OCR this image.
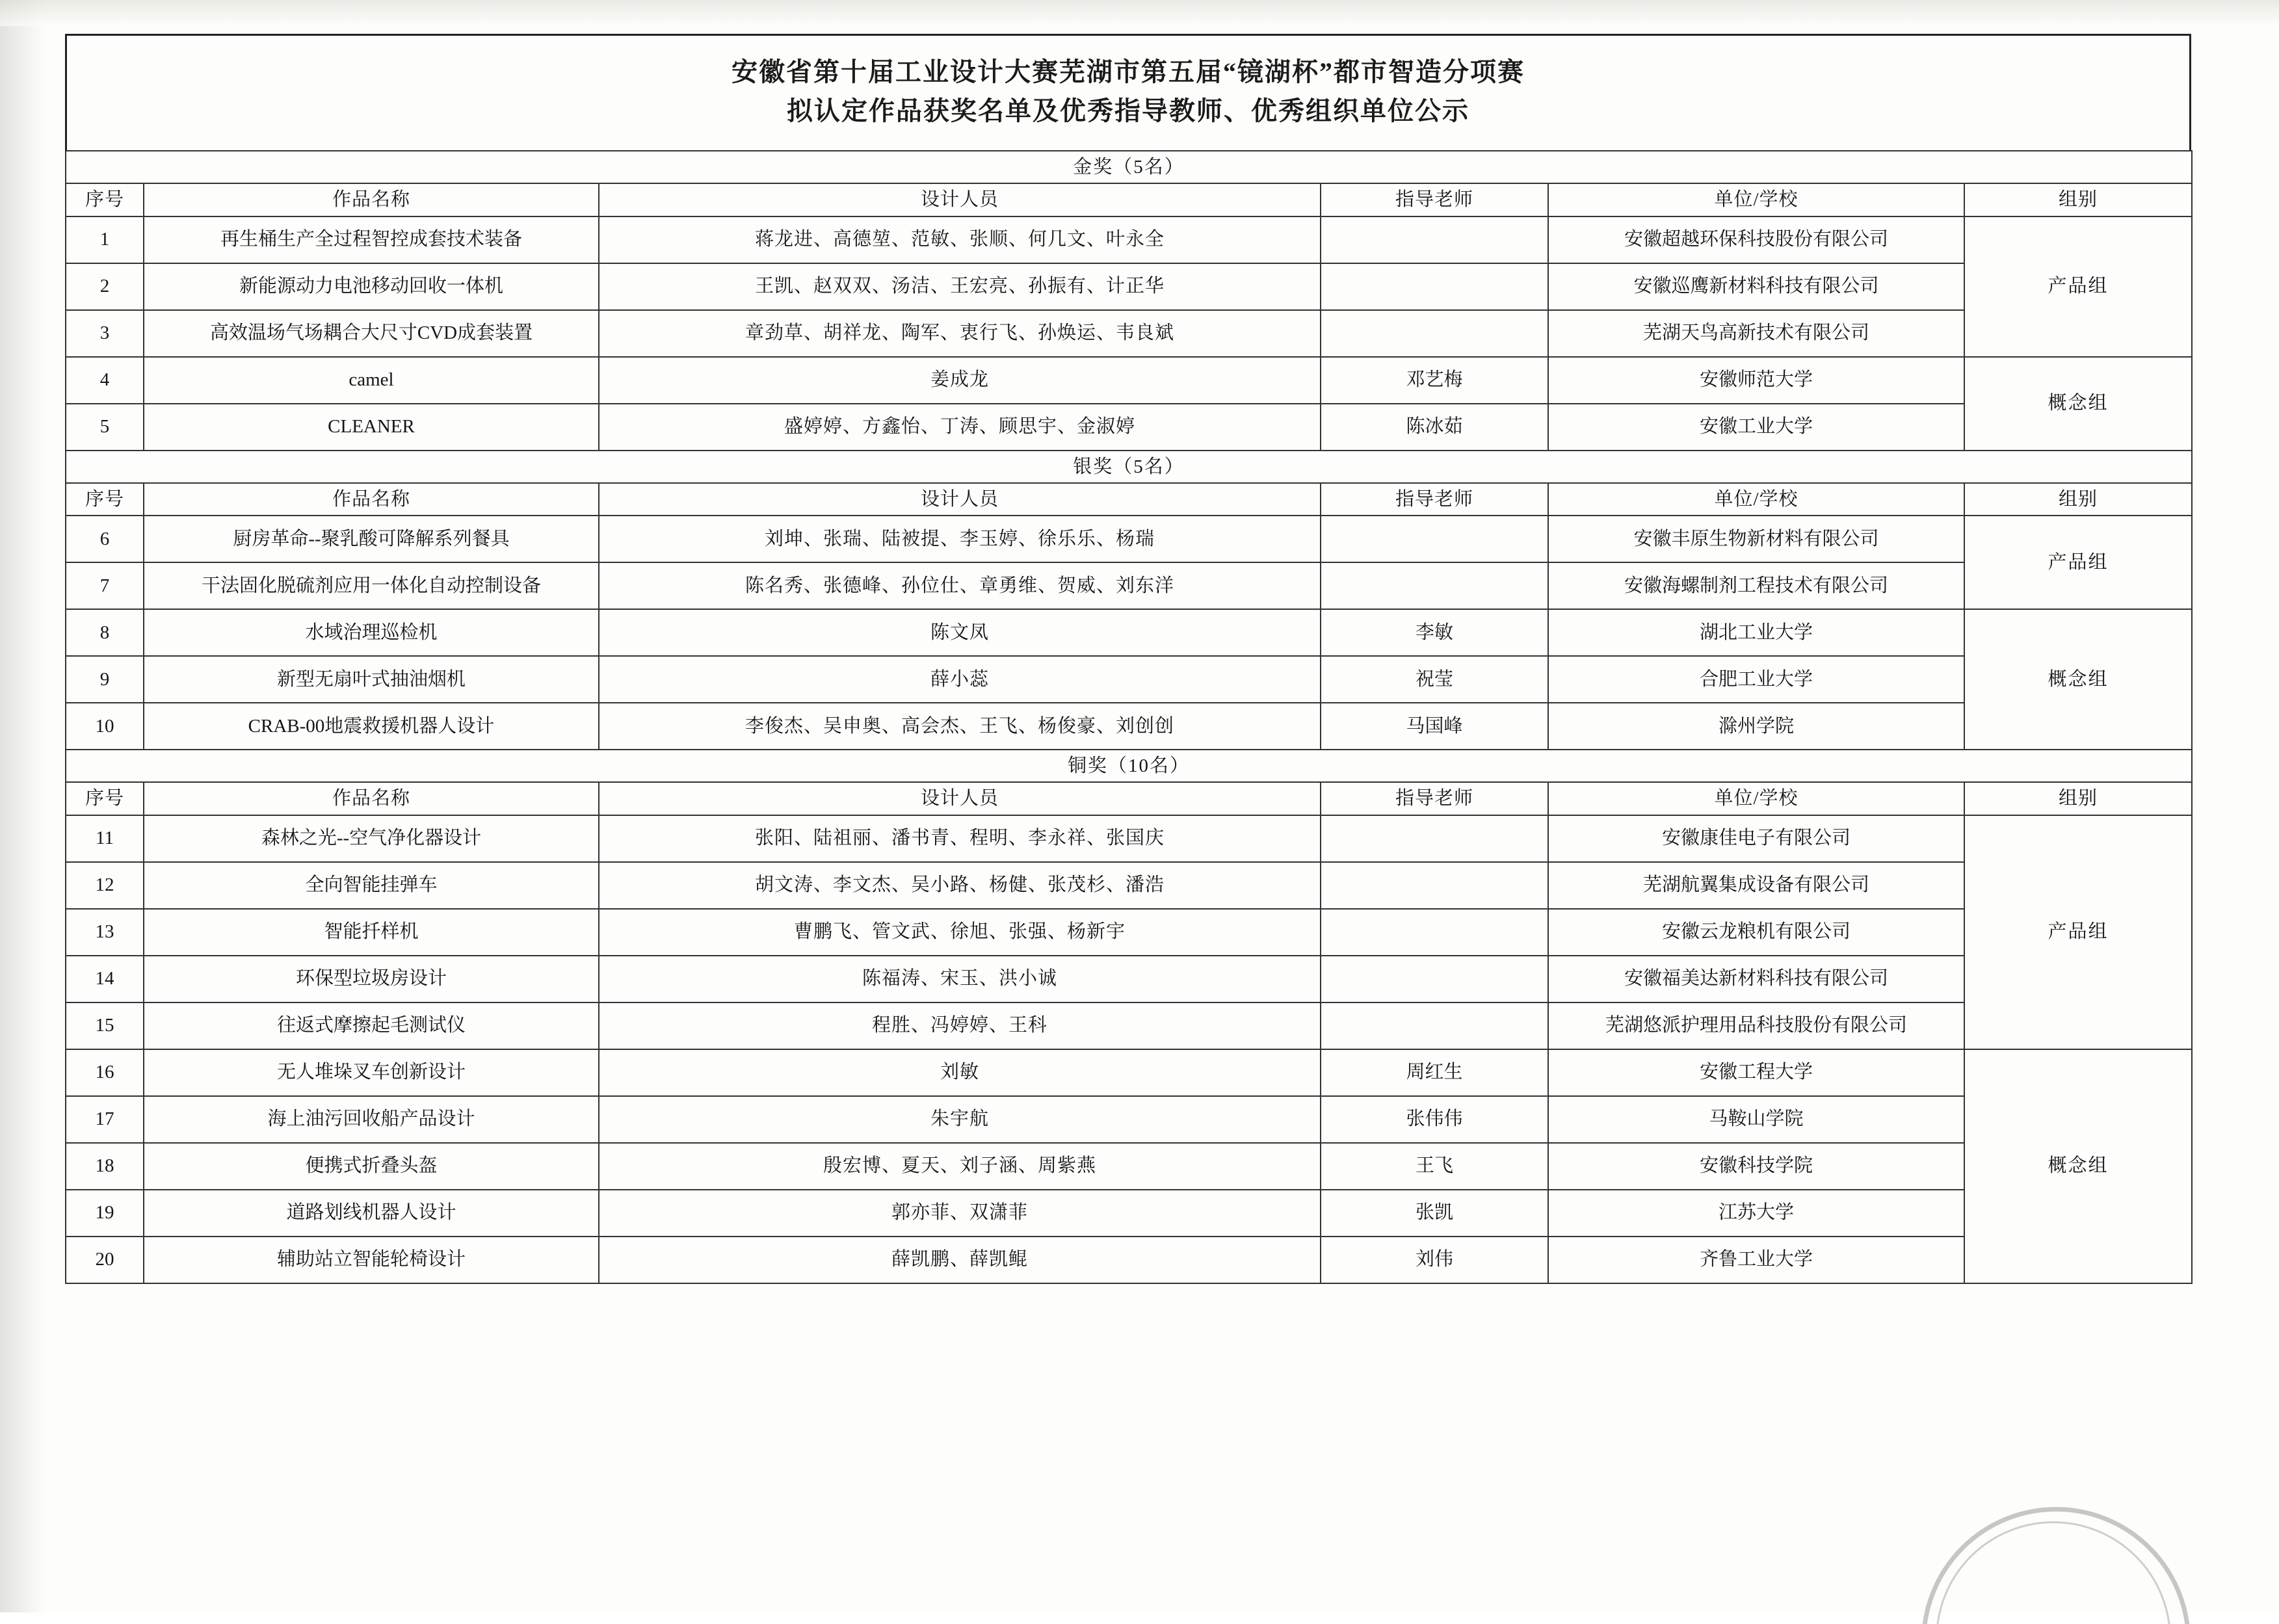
安徽省第十届工业设计大赛芜湖市第五届“镜湖杯”都市智造分项赛
拟认定作品获奖名单及优秀指导教师、优秀组织单位公示
金奖（5名）					
序号	作品名称	设计人员	指导老师	单位/学校	组别
1	再生桶生产全过程智控成套技术装备	蒋龙进、高德堃、范敏、张顺、何几文、叶永全		安徽超越环保科技股份有限公司	产品组
2	新能源动力电池移动回收一体机	王凯、赵双双、汤洁、王宏亮、孙振有、计正华		安徽巡鹰新材料科技有限公司	
3	高效温场气场耦合大尺寸CVD成套装置	章劲草、胡祥龙、陶军、衷行飞、孙焕运、韦良斌		芜湖天鸟高新技术有限公司	
4	camel	姜成龙	邓艺梅	安徽师范大学	概念组
5	CLEANER	盛婷婷、方鑫怡、丁涛、顾思宇、金淑婷	陈冰茹	安徽工业大学	
银奖（5名）					
序号	作品名称	设计人员	指导老师	单位/学校	组别
6	厨房革命--聚乳酸可降解系列餐具	刘坤、张瑞、陆被提、李玉婷、徐乐乐、杨瑞		安徽丰原生物新材料有限公司	产品组
7	干法固化脱硫剂应用一体化自动控制设备	陈名秀、张德峰、孙位仕、章勇维、贺威、刘东洋		安徽海螺制剂工程技术有限公司	
8	水域治理巡检机	陈文凤	李敏	湖北工业大学	概念组
9	新型无扇叶式抽油烟机	薛小蕊	祝莹	合肥工业大学	
10	CRAB-00地震救援机器人设计	李俊杰、吴申奥、高会杰、王飞、杨俊豪、刘创创	马国峰	滁州学院	
铜奖（10名）					
序号	作品名称	设计人员	指导老师	单位/学校	组别
11	森林之光--空气净化器设计	张阳、陆祖丽、潘书青、程明、李永祥、张国庆		安徽康佳电子有限公司	产品组
12	全向智能挂弹车	胡文涛、李文杰、吴小路、杨健、张茂杉、潘浩		芜湖航翼集成设备有限公司	
13	智能扦样机	曹鹏飞、管文武、徐旭、张强、杨新宇		安徽云龙粮机有限公司	
14	环保型垃圾房设计	陈福涛、宋玉、洪小诚		安徽福美达新材料科技有限公司	
15	往返式摩擦起毛测试仪	程胜、冯婷婷、王科		芜湖悠派护理用品科技股份有限公司	
16	无人堆垛叉车创新设计	刘敏	周红生	安徽工程大学	概念组
17	海上油污回收船产品设计	朱宇航	张伟伟	马鞍山学院	
18	便携式折叠头盔	殷宏博、夏天、刘子涵、周紫燕	王飞	安徽科技学院	
19	道路划线机器人设计	郭亦菲、双潇菲	张凯	江苏大学	
20	辅助站立智能轮椅设计	薛凯鹏、薛凯鲲	刘伟	齐鲁工业大学	
